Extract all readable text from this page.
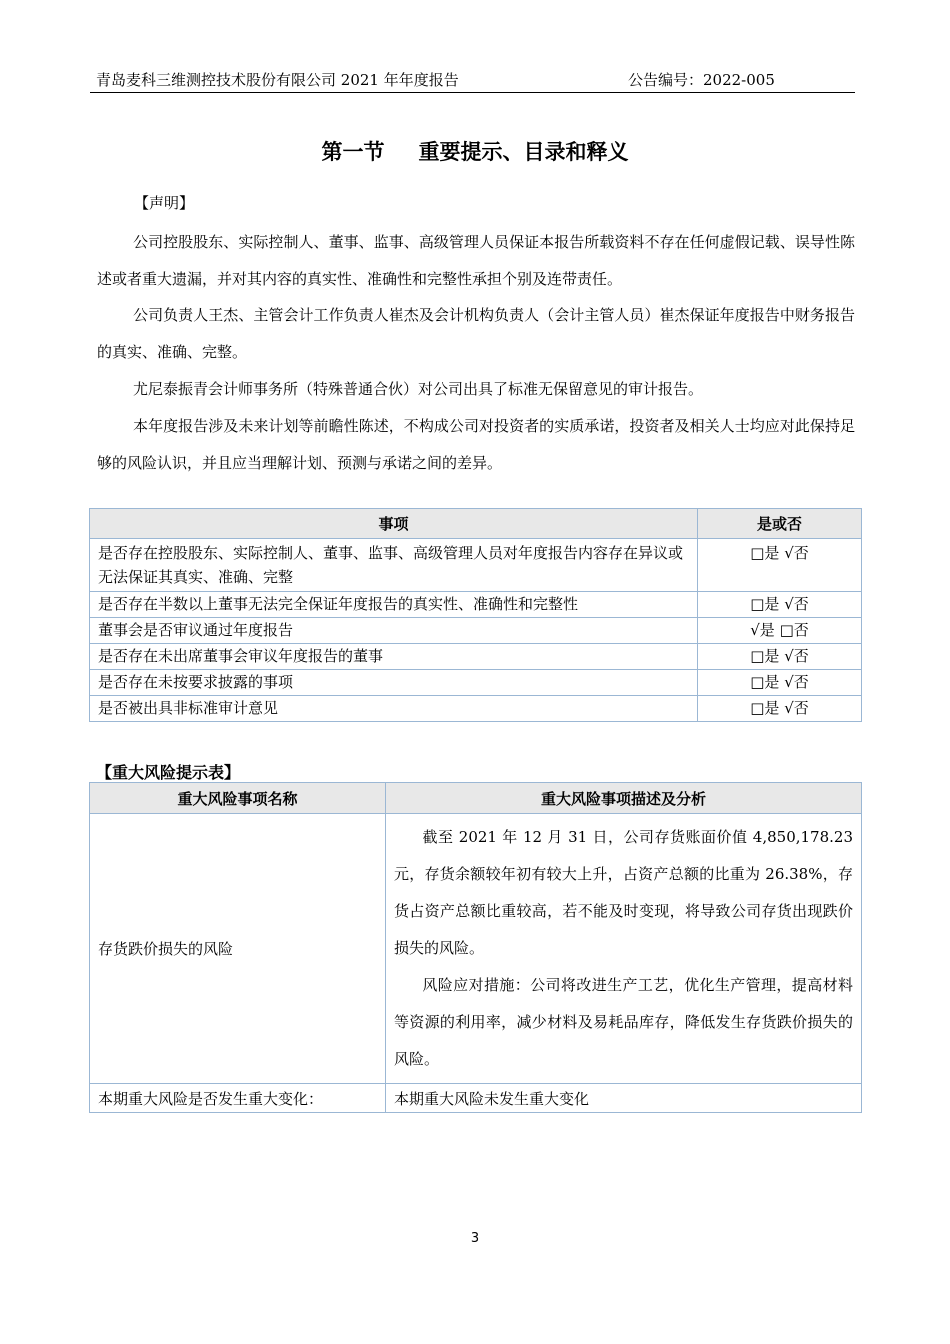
青岛麦科三维测控技术股份有限公司 2021 年年度报告	公告编号：2022-005
第一节 重要提示、目录和释义
【声明】
公司控股股东、实际控制人、董事、监事、高级管理人员保证本报告所载资料不存在任何虚假记载、误导性陈述或者重大遗漏，并对其内容的真实性、准确性和完整性承担个别及连带责任。
公司负责人王杰、主管会计工作负责人崔杰及会计机构负责人（会计主管人员）崔杰保证年度报告中财务报告的真实、准确、完整。
尤尼泰振青会计师事务所（特殊普通合伙）对公司出具了标准无保留意见的审计报告。
本年度报告涉及未来计划等前瞻性陈述，不构成公司对投资者的实质承诺，投资者及相关人士均应对此保持足够的风险认识，并且应当理解计划、预测与承诺之间的差异。
事项	是或否
是否存在控股股东、实际控制人、董事、监事、高级管理人员对年度报告内容存在异议或无法保证其真实、准确、完整	□是 √否
是否存在半数以上董事无法完全保证年度报告的真实性、准确性和完整性	□是 √否
董事会是否审议通过年度报告	√是 □否
是否存在未出席董事会审议年度报告的董事	□是 √否
是否存在未按要求披露的事项	□是 √否
是否被出具非标准审计意见	□是 √否
【重大风险提示表】
重大风险事项名称	重大风险事项描述及分析
存货跌价损失的风险	截至 2021 年 12 月 31 日，公司存货账面价值 4,850,178.23 元，存货余额较年初有较大上升，占资产总额的比重为 26.38%，存货占资产总额比重较高，若不能及时变现，将导致公司存货出现跌价损失的风险。
风险应对措施：公司将改进生产工艺，优化生产管理，提高材料等资源的利用率，减少材料及易耗品库存，降低发生存货跌价损失的风险。

本期重大风险是否发生重大变化：	本期重大风险未发生重大变化
3
